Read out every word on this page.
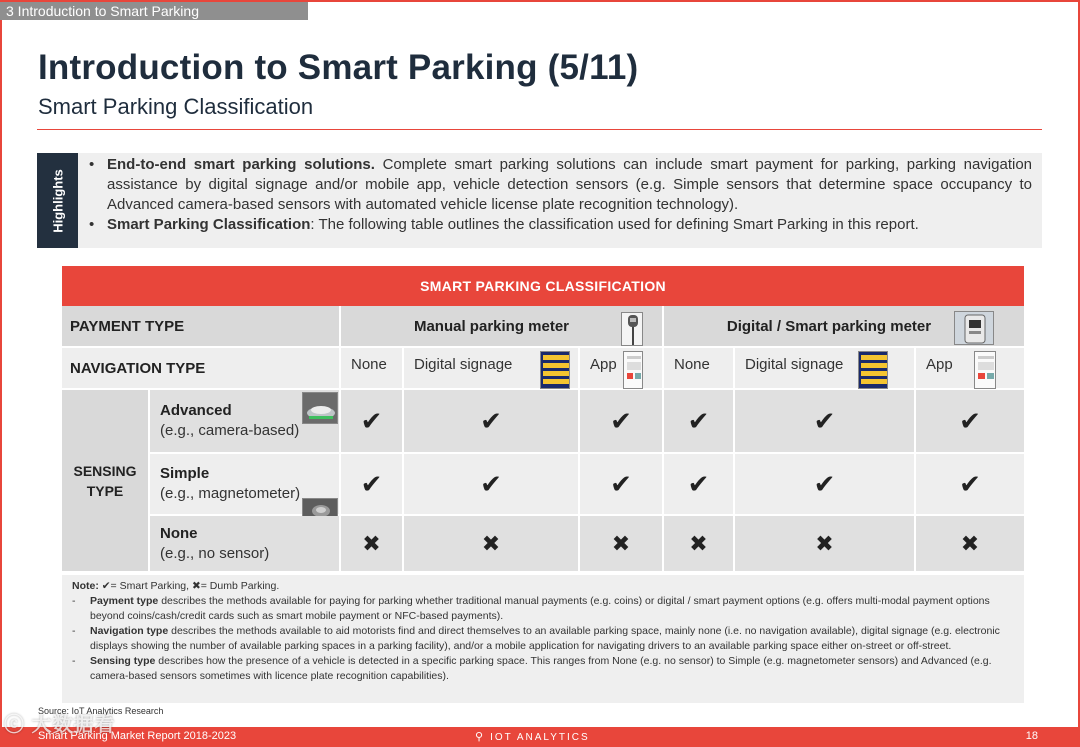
3 Introduction to Smart Parking
Introduction to Smart Parking (5/11)
Smart Parking Classification
Highlights
• End-to-end smart parking solutions. Complete smart parking solutions can include smart payment for parking, parking navigation assistance by digital signage and/or mobile app, vehicle detection sensors (e.g. Simple sensors that determine space occupancy to Advanced camera-based sensors with automated vehicle license plate recognition technology).
• Smart Parking Classification: The following table outlines the classification used for defining Smart Parking in this report.
SMART PARKING CLASSIFICATION
PAYMENT TYPE	Manual parking meter	Digital / Smart parking meter
NAVIGATION TYPE	None	Digital signage	App	None	Digital signage	App
SENSING
TYPE
Advanced
(e.g., camera-based)	✔	✔	✔	✔	✔	✔
Simple
(e.g., magnetometer)	✔	✔	✔	✔	✔	✔
None
(e.g., no sensor)	✖	✖	✖	✖	✖	✖
Note: ✔= Smart Parking, ✖= Dumb Parking.
- Payment type describes the methods available for paying for parking whether traditional manual payments (e.g. coins) or digital / smart payment options (e.g. offers multi-modal payment options beyond coins/cash/credit cards such as smart mobile payment or NFC-based payments).
- Navigation type describes the methods available to aid motorists find and direct themselves to an available parking space, mainly none (i.e. no navigation available), digital signage (e.g. electronic displays showing the number of available parking spaces in a parking facility), and/or a mobile application for navigating drivers to an available parking space either on-street or off-street.
- Sensing type describes how the presence of a vehicle is detected in a specific parking space. This ranges from None (e.g. no sensor) to Simple (e.g. magnetometer sensors) and Advanced (e.g. camera-based sensors sometimes with licence plate recognition capabilities).
Source: IoT Analytics Research
Smart Parking Market Report 2018-2023	⚲ IOT ANALYTICS	18
ⓒ 大数据看
